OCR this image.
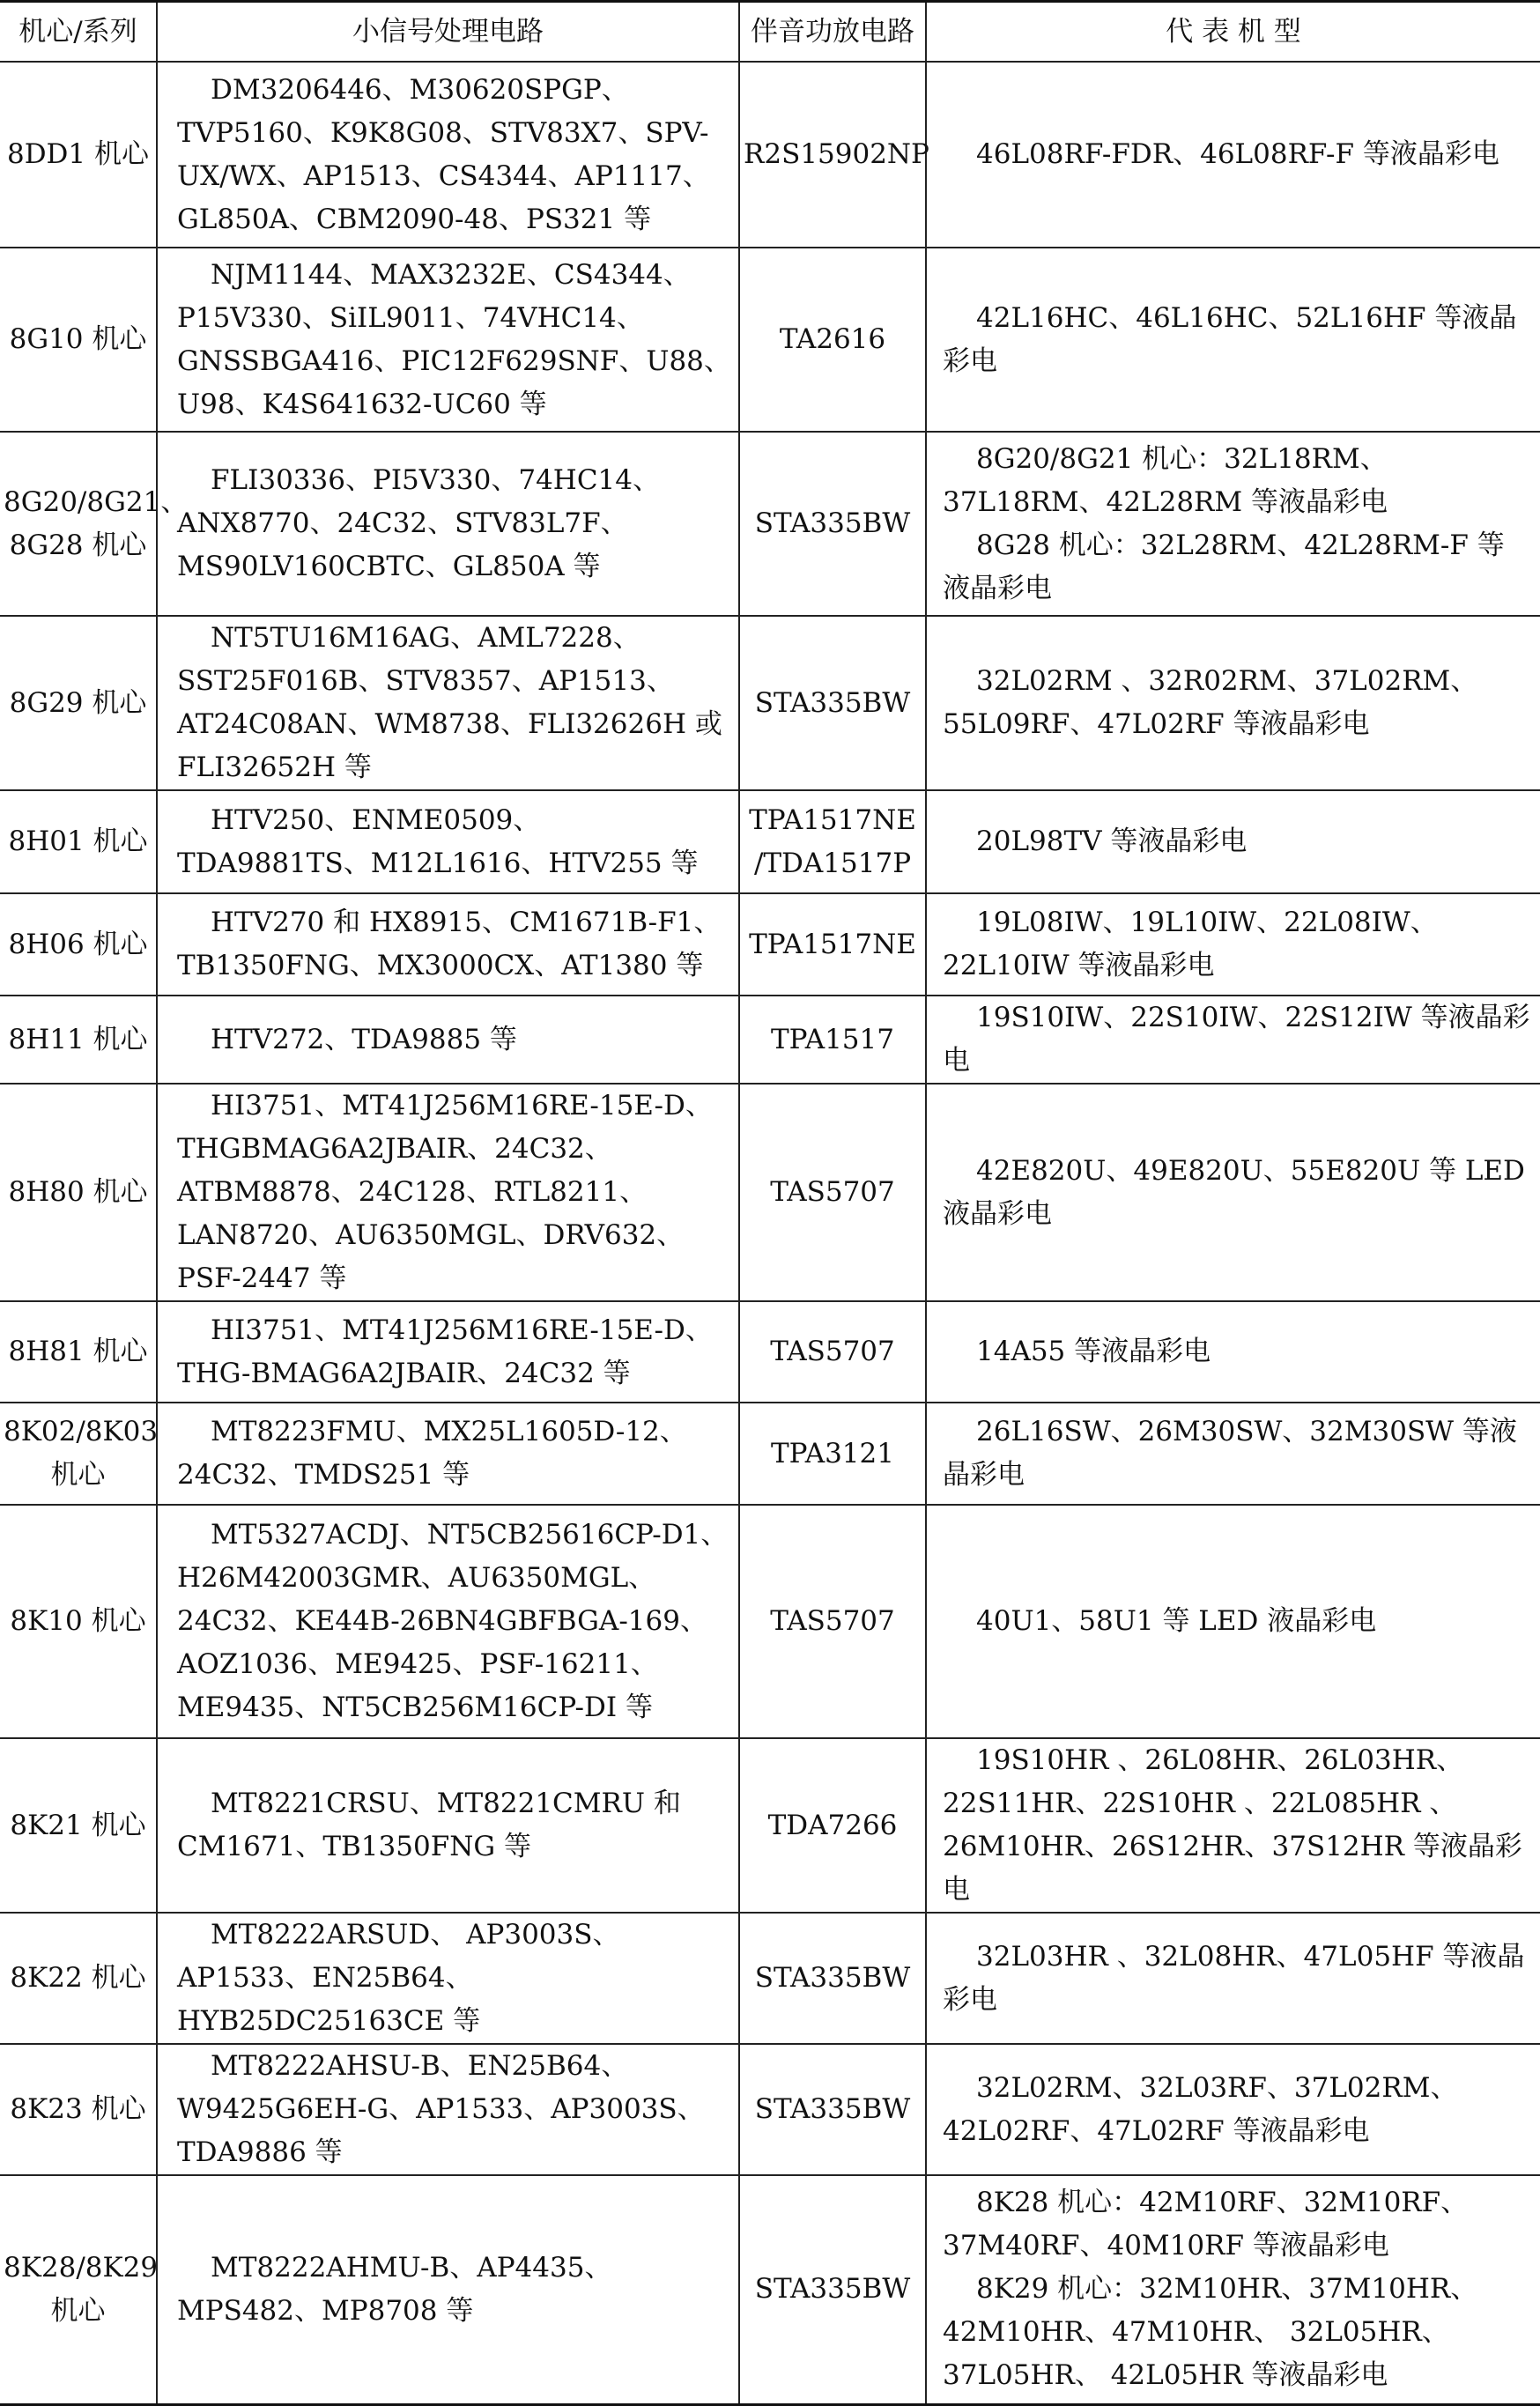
机心/系列	小信号处理电路	伴音功放电路	代 表 机 型
8DD1 机心	DM3206446、M30620SPGP、TVP5160、K9K8G08、STV83X7、SPV-UX/WX、AP1513、CS4344、AP1117、GL850A、CBM2090-48、PS321 等	R2S15902NP	46L08RF-FDR、46L08RF-F 等液晶彩电

8G10 机心	NJM1144、MAX3232E、CS4344、P15V330、SiIL9011、74VHC14、GNSSBGA416、PIC12F629SNF、U88、U98、K4S641632-UC60 等	TA2616	42L16HC、46L16HC、52L16HF 等液晶彩电

8G20/8G21、8G28 机心	FLI30336、PI5V330、74HC14、ANX8770、24C32、STV83L7F、MS90LV160CBTC、GL850A 等	STA335BW	8G20/8G21 机心：32L18RM、37L18RM、42L28RM 等液晶彩电
8G28 机心：32L28RM、42L28RM-F 等液晶彩电

8G29 机心	NT5TU16M16AG、AML7228、SST25F016B、STV8357、AP1513、AT24C08AN、WM8738、FLI32626H 或 FLI32652H 等	STA335BW	32L02RM 、32R02RM、37L02RM、55L09RF、47L02RF 等液晶彩电

8H01 机心	HTV250、ENME0509、TDA9881TS、M12L1616、HTV255 等	TPA1517NE /TDA1517P	20L98TV 等液晶彩电

8H06 机心	HTV270 和 HX8915、CM1671B-F1、TB1350FNG、MX3000CX、AT1380 等	TPA1517NE	19L08IW、19L10IW、22L08IW、22L10IW 等液晶彩电

8H11 机心	HTV272、TDA9885 等	TPA1517	19S10IW、22S10IW、22S12IW 等液晶彩电

8H80 机心	HI3751、MT41J256M16RE-15E-D、THGBMAG6A2JBAIR、24C32、ATBM8878、24C128、RTL8211、LAN8720、AU6350MGL、DRV632、PSF-2447 等	TAS5707	42E820U、49E820U、55E820U 等 LED 液晶彩电

8H81 机心	HI3751、MT41J256M16RE-15E-D、THG-BMAG6A2JBAIR、24C32 等	TAS5707	14A55 等液晶彩电

8K02/8K03 机心	MT8223FMU、MX25L1605D-12、24C32、TMDS251 等	TPA3121	26L16SW、26M30SW、32M30SW 等液晶彩电

8K10 机心	MT5327ACDJ、NT5CB25616CP-D1、H26M42003GMR、AU6350MGL、24C32、KE44B-26BN4GBFBGA-169、AOZ1036、ME9425、PSF-16211、ME9435、NT5CB256M16CP-DI 等	TAS5707	40U1、58U1 等 LED 液晶彩电

8K21 机心	MT8221CRSU、MT8221CMRU 和 CM1671、TB1350FNG 等	TDA7266	19S10HR 、26L08HR、26L03HR、22S11HR、22S10HR 、22L085HR 、26M10HR、26S12HR、37S12HR 等液晶彩电

8K22 机心	MT8222ARSUD、 AP3003S、 AP1533、EN25B64、HYB25DC25163CE 等	STA335BW	32L03HR 、32L08HR、47L05HF 等液晶彩电

8K23 机心	MT8222AHSU-B、EN25B64、W9425G6EH-G、AP1533、AP3003S、TDA9886 等	STA335BW	32L02RM、32L03RF、37L02RM、42L02RF、47L02RF 等液晶彩电

8K28/8K29 机心	MT8222AHMU-B、AP4435、MPS482、MP8708 等	STA335BW	8K28 机心：42M10RF、32M10RF、37M40RF、40M10RF 等液晶彩电
8K29 机心：32M10HR、37M10HR、42M10HR、47M10HR、 32L05HR、 37L05HR、 42L05HR 等液晶彩电
